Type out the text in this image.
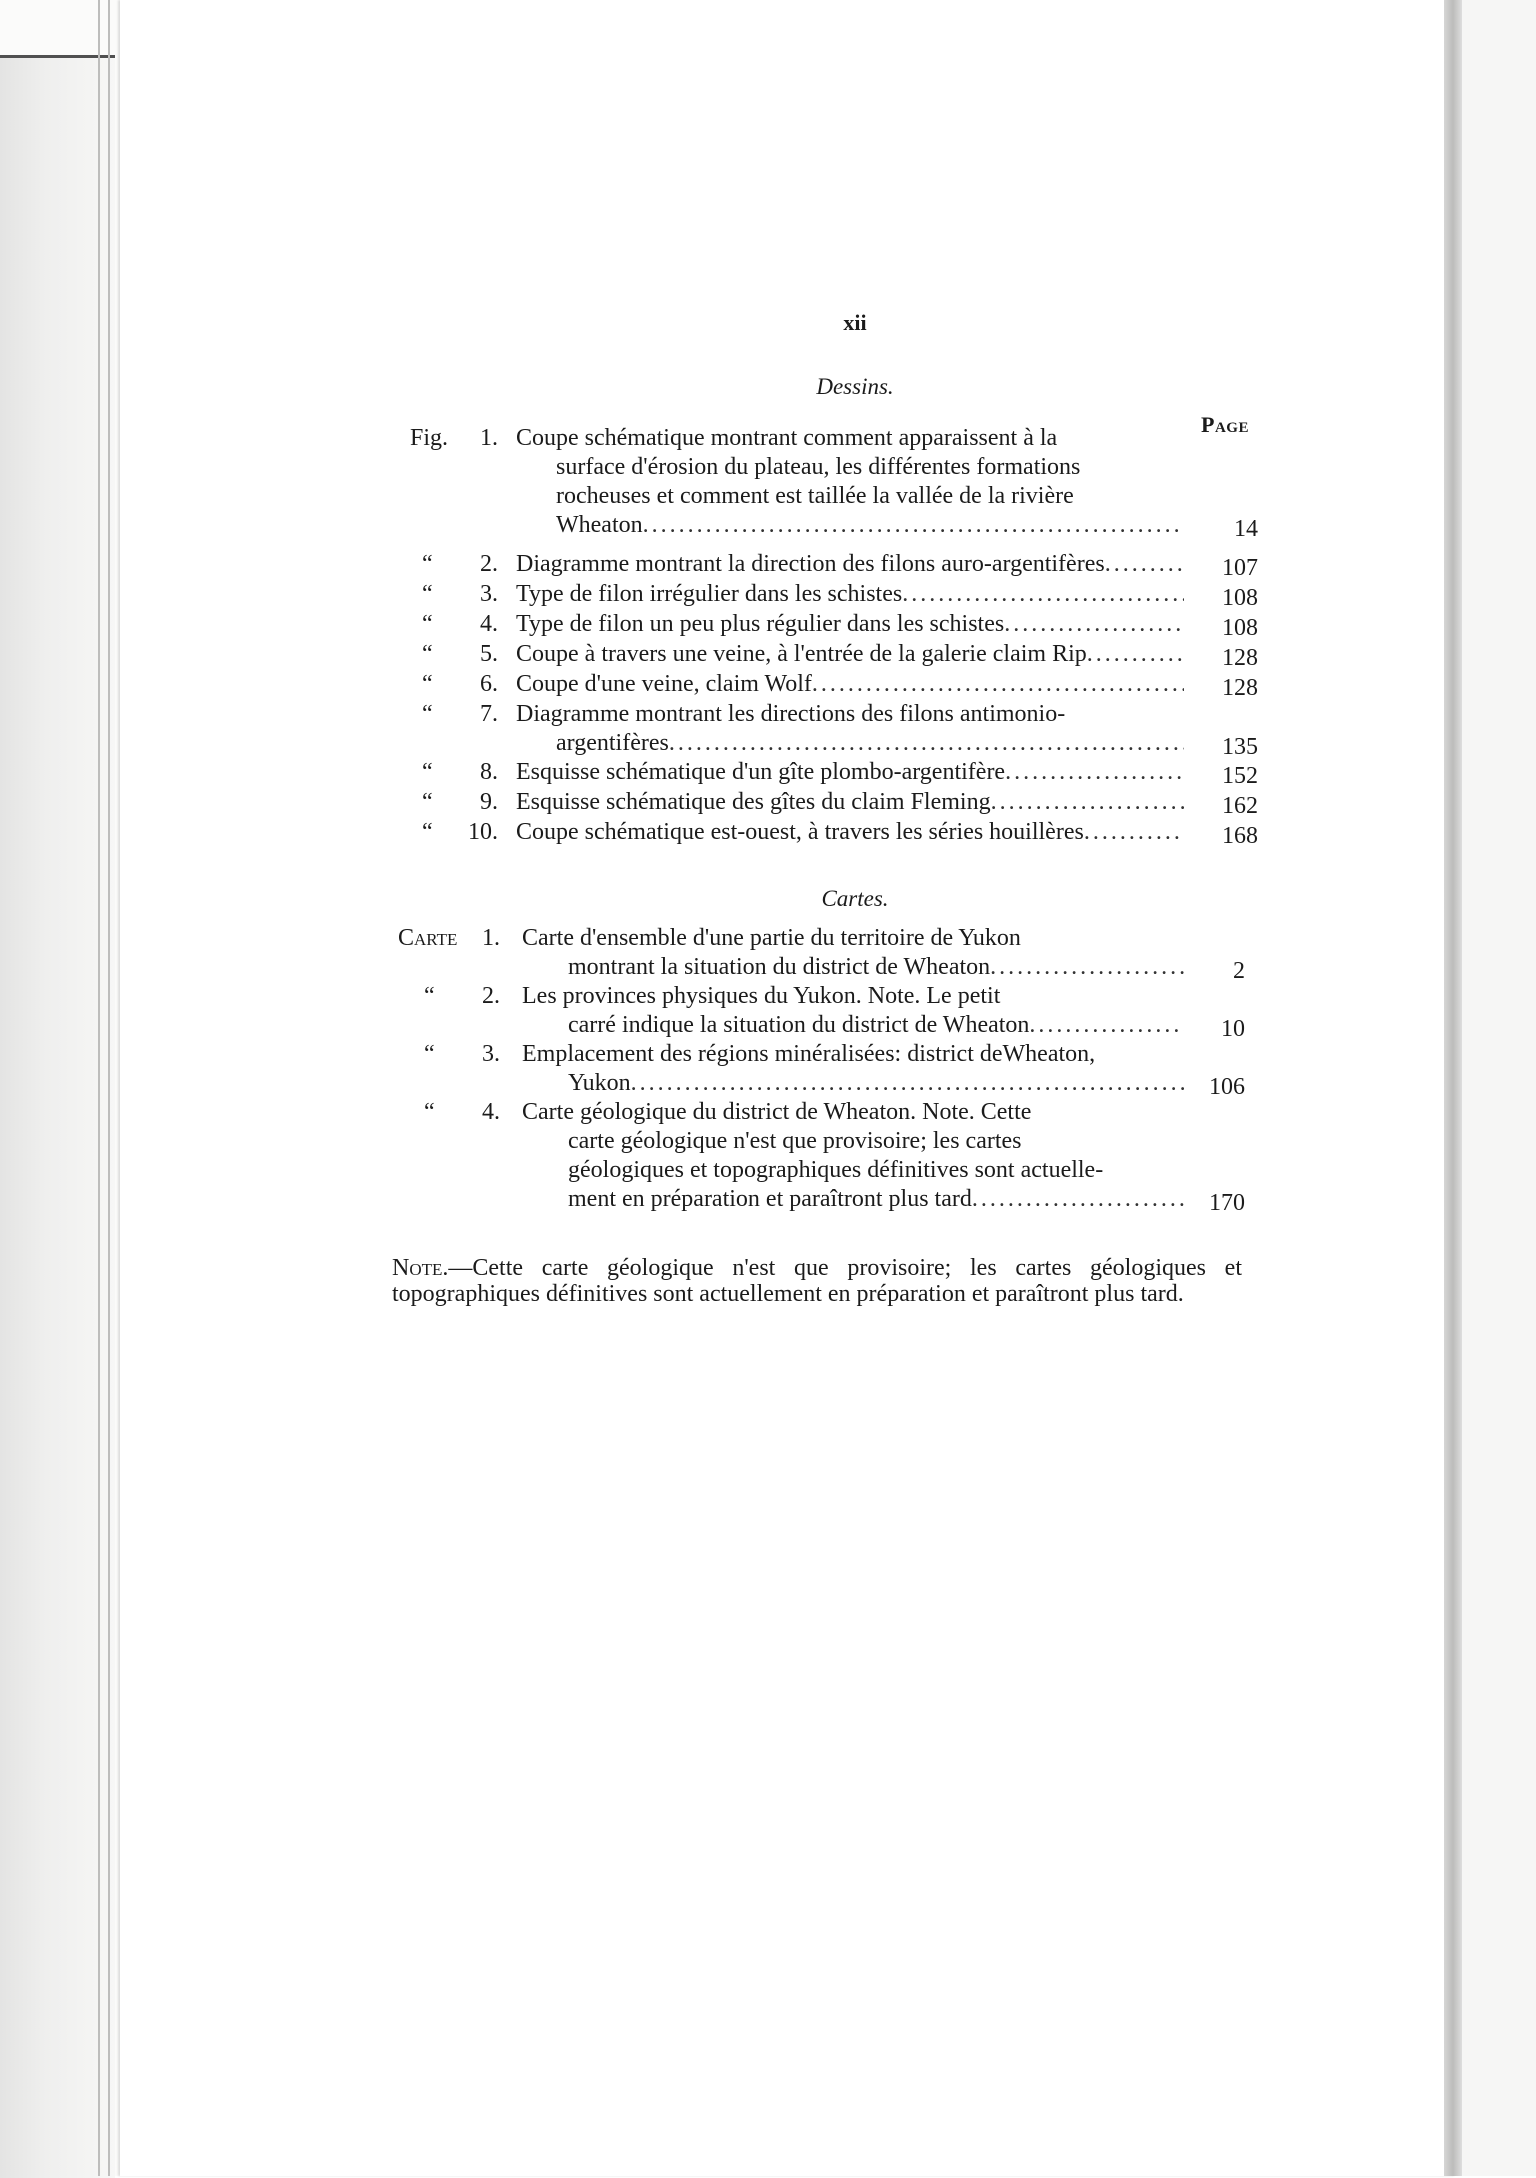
xii
Dessins.
Page
Fig.	1. Coupe schématique montrant comment apparaissent à la
surface d'érosion du plateau, les différentes formations
rocheuses et comment est taillée la vallée de la rivière
Wheaton .....	14
“	2. Diagramme montrant la direction des filons auro-argentifères .....	107
“	3. Type de filon irrégulier dans les schistes .....	108
“	4. Type de filon un peu plus régulier dans les schistes .....	108
“	5. Coupe à travers une veine, à l'entrée de la galerie claim Rip .....	128
“	6. Coupe d'une veine, claim Wolf .....	128
“	7. Diagramme montrant les directions des filons antimonio-
argentifères .....	135
“	8. Esquisse schématique d'un gîte plombo-argentifère .....	152
“	9. Esquisse schématique des gîtes du claim Fleming .....	162
“	10. Coupe schématique est-ouest, à travers les séries houillères .....	168
Cartes.
Carte	1. Carte d'ensemble d'une partie du territoire de Yukon
montrant la situation du district de Wheaton .....	2
“	2. Les provinces physiques du Yukon. Note. Le petit
carré indique la situation du district de Wheaton .....	10
“	3. Emplacement des régions minéralisées: district deWheaton,
Yukon .....	106
“	4. Carte géologique du district de Wheaton. Note. Cette
carte géologique n'est que provisoire; les cartes
géologiques et topographiques définitives sont actuelle-
ment en préparation et paraîtront plus tard .....	170
Note.—Cette carte géologique n'est que provisoire; les cartes géologiques et topographiques définitives sont actuellement en préparation et paraîtront plus tard.
